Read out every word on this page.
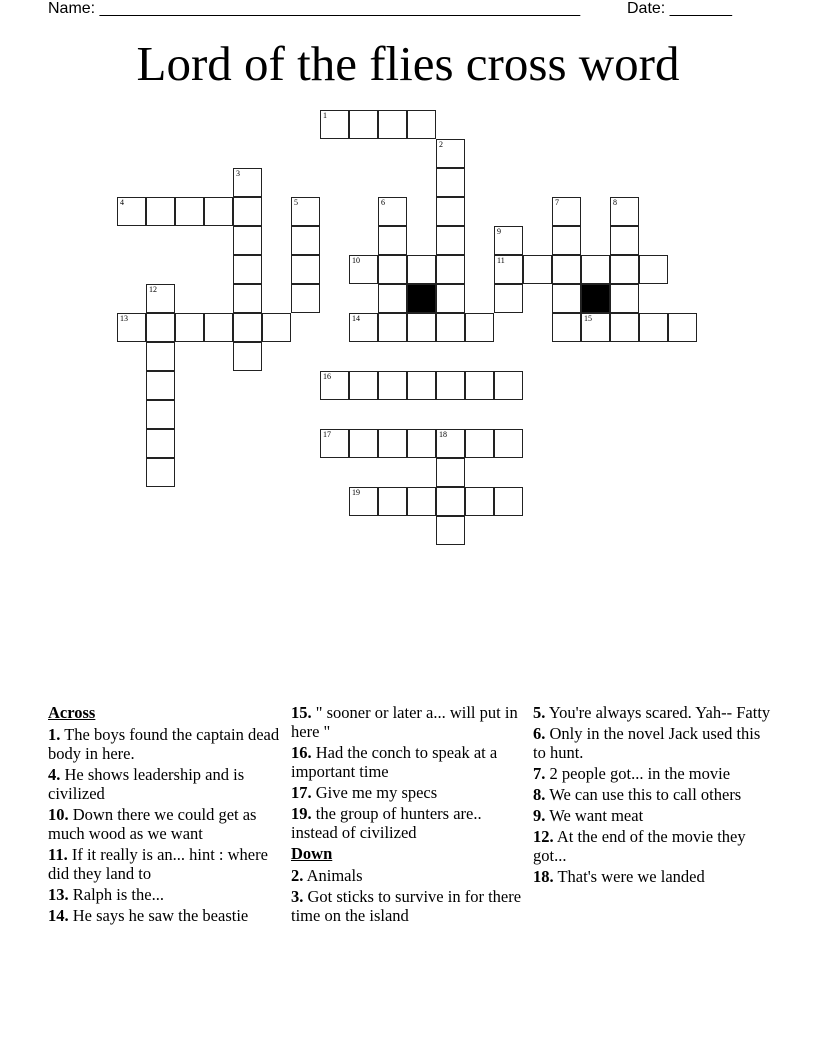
Name: ______________________________________________________	Date: _______
Lord of the flies cross word
1
2
3
4	5	6	7	8
9
11
10
12
13	14	15
16
17	18
19
Across
1. The boys found the captain dead body in here.
4. He shows leadership and is civilized
10. Down there we could get as much wood as we want
11. If it really is an... hint : where did they land to
13. Ralph is the...
14. He says he saw the beastie
15. " sooner or later a... will put in here "
16. Had the conch to speak at a important time
17. Give me my specs
19. the group of hunters are.. instead of civilized
Down
2. Animals
3. Got sticks to survive in for there time on the island
5. You're always scared. Yah-- Fatty
6. Only in the novel Jack used this to hunt.
7. 2 people got... in the movie
8. We can use this to call others
9. We want meat
12. At the end of the movie they got...
18. That's were we landed
